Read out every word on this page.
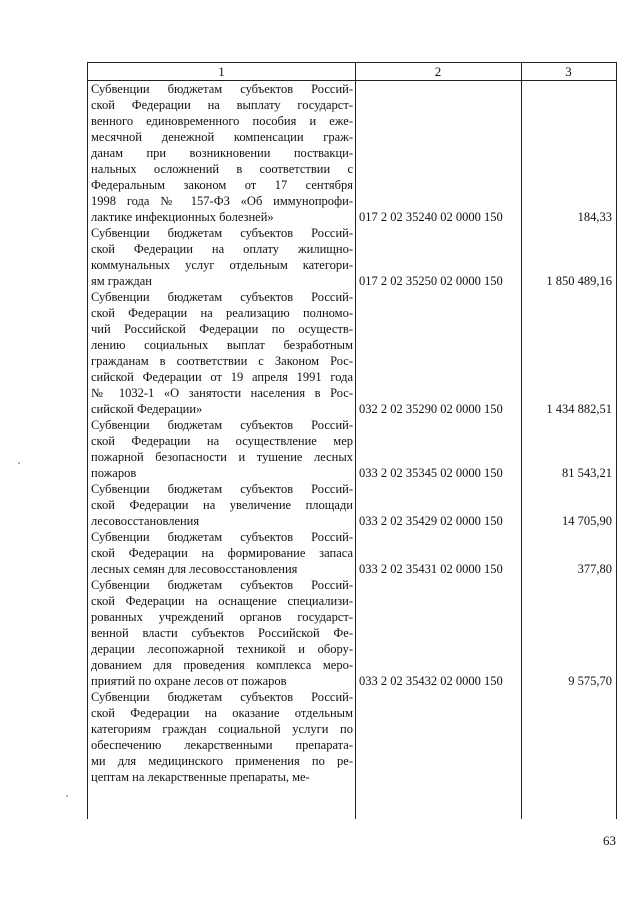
1	2	3
Субвенции бюджетам субъектов Россий-
ской Федерации на выплату государст-
венного единовременного пособия и еже-
месячной денежной компенсации граж-
данам при возникновении поствакци-
нальных осложнений в соответствии с
Федеральным законом от 17 сентября
1998 года № 157-ФЗ «Об иммунопрофи-
лактике инфекционных болезней»	017 2 02 35240 02 0000 150	184,33
Субвенции бюджетам субъектов Россий-
ской Федерации на оплату жилищно-
коммунальных услуг отдельным категори-
ям граждан	017 2 02 35250 02 0000 150	1 850 489,16
Субвенции бюджетам субъектов Россий-
ской Федерации на реализацию полномо-
чий Российской Федерации по осуществ-
лению социальных выплат безработным
гражданам в соответствии с Законом Рос-
сийской Федерации от 19 апреля 1991 года
№ 1032-1 «О занятости населения в Рос-
сийской Федерации»	032 2 02 35290 02 0000 150	1 434 882,51
Субвенции бюджетам субъектов Россий-
ской Федерации на осуществление мер
пожарной безопасности и тушение лесных
пожаров	033 2 02 35345 02 0000 150	81 543,21
Субвенции бюджетам субъектов Россий-
ской Федерации на увеличение площади
лесовосстановления	033 2 02 35429 02 0000 150	14 705,90
Субвенции бюджетам субъектов Россий-
ской Федерации на формирование запаса
лесных семян для лесовосстановления	033 2 02 35431 02 0000 150	377,80
Субвенции бюджетам субъектов Россий-
ской Федерации на оснащение специализи-
рованных учреждений органов государст-
венной власти субъектов Российской Фе-
дерации лесопожарной техникой и обору-
дованием для проведения комплекса меро-
приятий по охране лесов от пожаров	033 2 02 35432 02 0000 150	9 575,70
Субвенции бюджетам субъектов Россий-
ской Федерации на оказание отдельным
категориям граждан социальной услуги по
обеспечению лекарственными препарата-
ми для медицинского применения по ре-
цептам на лекарственные препараты, ме-
63
